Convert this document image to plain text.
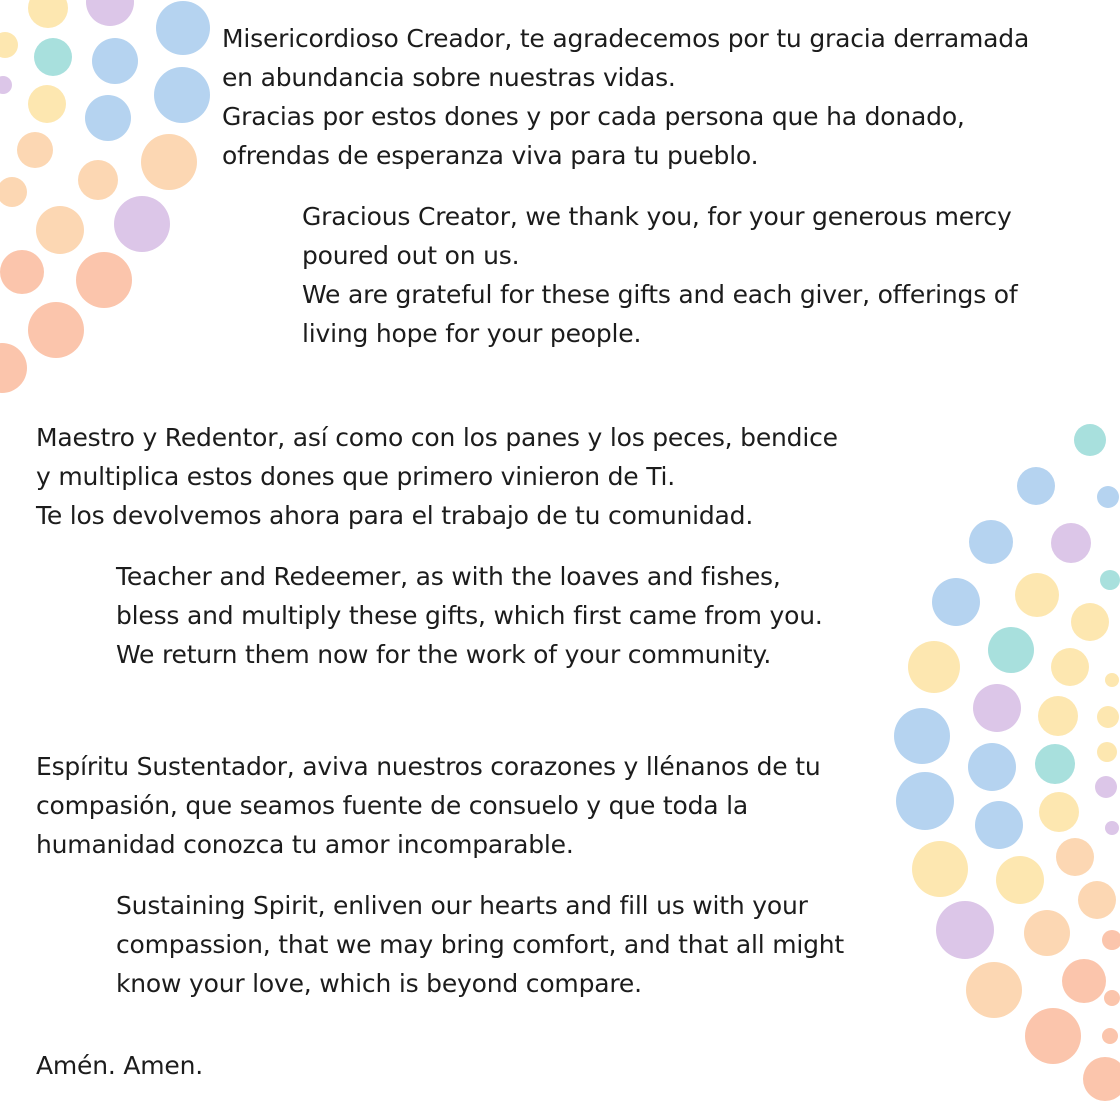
Misericordioso Creador, te agradecemos por tu gracia derramada
en abundancia sobre nuestras vidas.
Gracias por estos dones y por cada persona que ha donado,
ofrendas de esperanza viva para tu pueblo.

Gracious Creator, we thank you, for your generous mercy
poured out on us.
We are grateful for these gifts and each giver, offerings of
living hope for your people.

Maestro y Redentor, así como con los panes y los peces, bendice
y multiplica estos dones que primero vinieron de Ti.
Te los devolvemos ahora para el trabajo de tu comunidad.

Teacher and Redeemer, as with the loaves and fishes,
bless and multiply these gifts, which first came from you.
We return them now for the work of your community.

Espíritu Sustentador, aviva nuestros corazones y llénanos de tu
compasión, que seamos fuente de consuelo y que toda la
humanidad conozca tu amor incomparable.

Sustaining Spirit, enliven our hearts and fill us with your
compassion, that we may bring comfort, and that all might
know your love, which is beyond compare.

Amén. Amen.
